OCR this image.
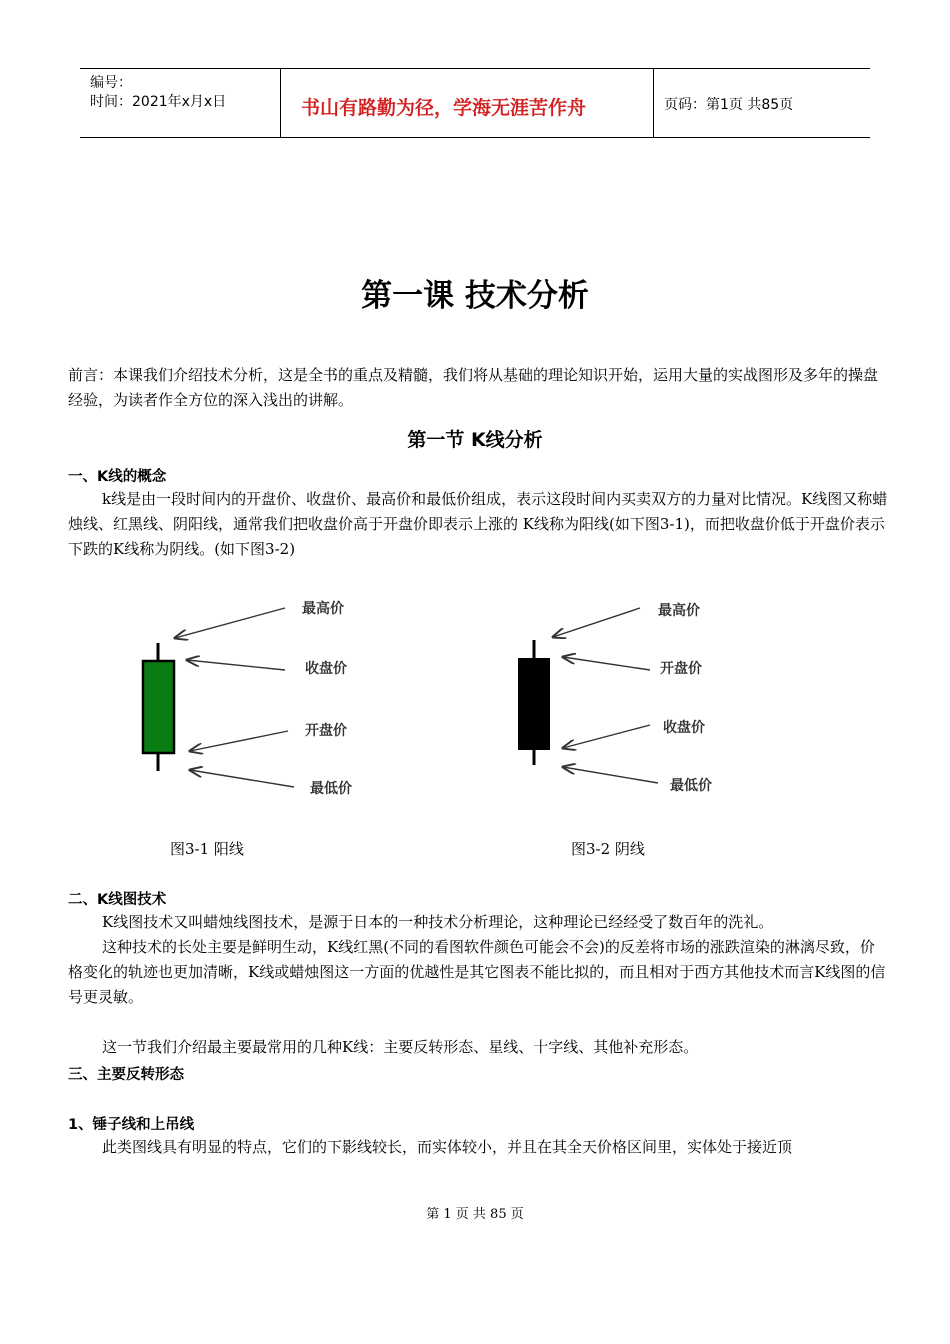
编号：
时间：2021年x月x日	书山有路勤为径，学海无涯苦作舟	页码：第1页 共85页
第一课 技术分析
前言：本课我们介绍技术分析，这是全书的重点及精髓，我们将从基础的理论知识开始，运用大量的实战图形及多年的操盘经验，为读者作全方位的深入浅出的讲解。
第一节 K线分析
一、K线的概念
k线是由一段时间内的开盘价、收盘价、最高价和最低价组成，表示这段时间内买卖双方的力量对比情况。K线图又称蜡烛线、红黑线、阴阳线，通常我们把收盘价高于开盘价即表示上涨的 K线称为阳线(如下图3-1)，而把收盘价低于开盘价表示下跌的K线称为阴线。(如下图3-2)
最高价
收盘价
开盘价
最低价
最高价
开盘价
收盘价
最低价
图3-1 阳线	图3-2 阴线
二、K线图技术
K线图技术又叫蜡烛线图技术，是源于日本的一种技术分析理论，这种理论已经经受了数百年的洗礼。
这种技术的长处主要是鲜明生动，K线红黑(不同的看图软件颜色可能会不会)的反差将市场的涨跌渲染的淋漓尽致，价格变化的轨迹也更加清晰，K线或蜡烛图这一方面的优越性是其它图表不能比拟的，而且相对于西方其他技术而言K线图的信号更灵敏。
这一节我们介绍最主要最常用的几种K线：主要反转形态、星线、十字线、其他补充形态。
三、主要反转形态
1、锤子线和上吊线
此类图线具有明显的特点，它们的下影线较长，而实体较小，并且在其全天价格区间里，实体处于接近顶
第 1 页 共 85 页
